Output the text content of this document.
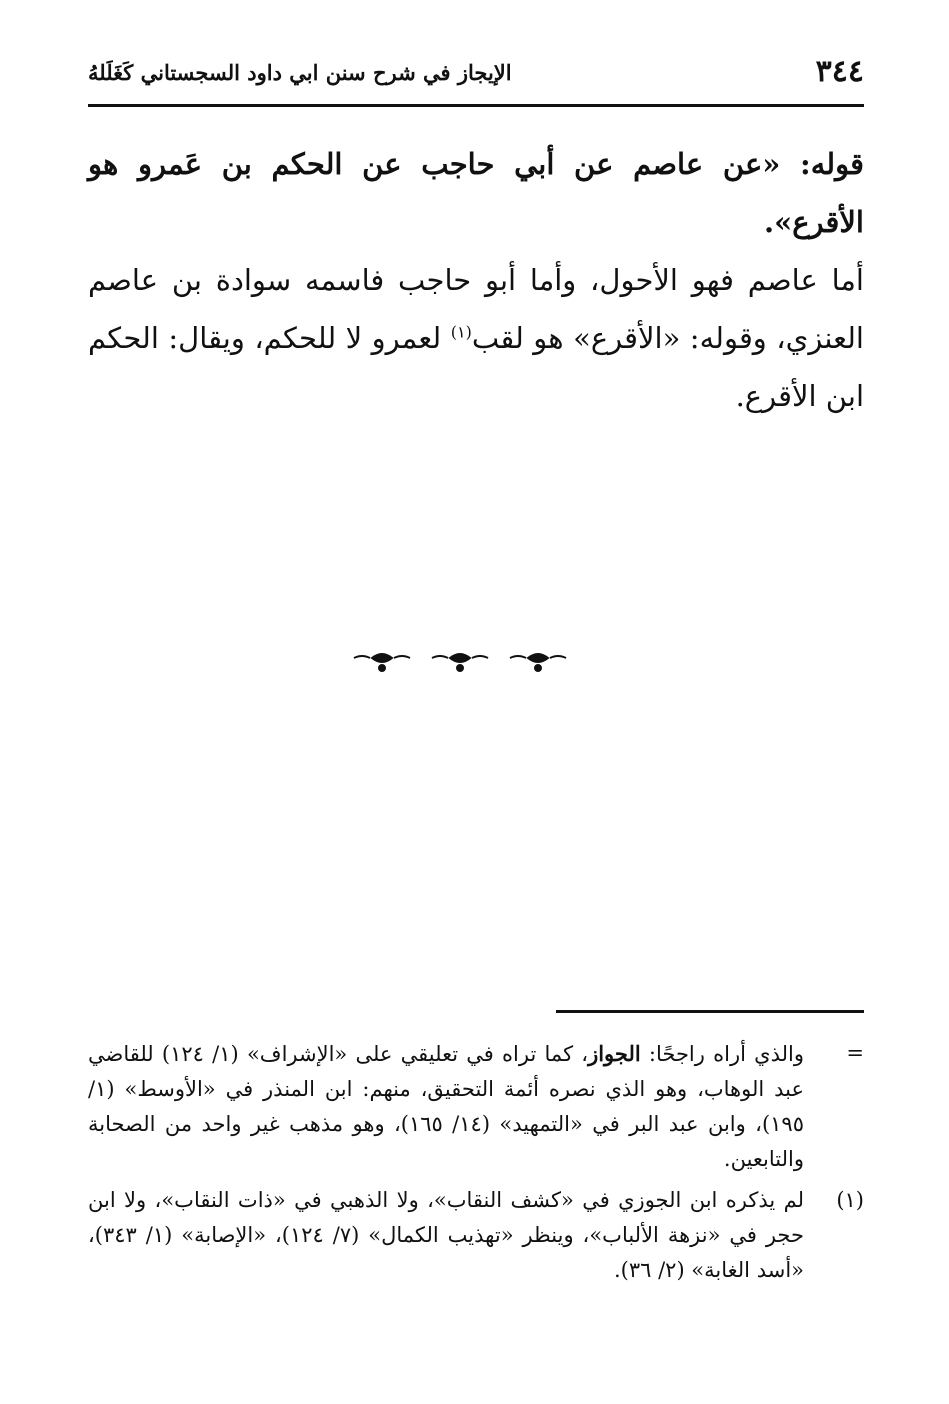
٣٤٤
الإيجاز في شرح سنن ابي داود السجستاني كَغَلَلهُ

قوله: «عن عاصم عن أبي حاجب عن الحكم بن عَمرو هو الأقرع».

أما عاصم فهو الأحول، وأما أبو حاجب فاسمه سوادة بن عاصم العنزي، وقوله: «الأقرع» هو لقب$^{(١)}$ لعمرو لا للحكم، ويقال: الحكم ابن الأقرع.

=
والذي أراه راجحًا: الجواز، كما تراه في تعليقي على «الإشراف» (١/ ١٢٤) للقاضي عبد الوهاب، وهو الذي نصره أئمة التحقيق، منهم: ابن المنذر في «الأوسط» (١/ ١٩٥)، وابن عبد البر في «التمهيد» (١٤/ ١٦٥)، وهو مذهب غير واحد من الصحابة والتابعين.
(١)
لم يذكره ابن الجوزي في «كشف النقاب»، ولا الذهبي في «ذات النقاب»، ولا ابن حجر في «نزهة الألباب»، وينظر «تهذيب الكمال» (٧/ ١٢٤)، «الإصابة» (١/ ٣٤٣)، «أسد الغابة» (٢/ ٣٦).
